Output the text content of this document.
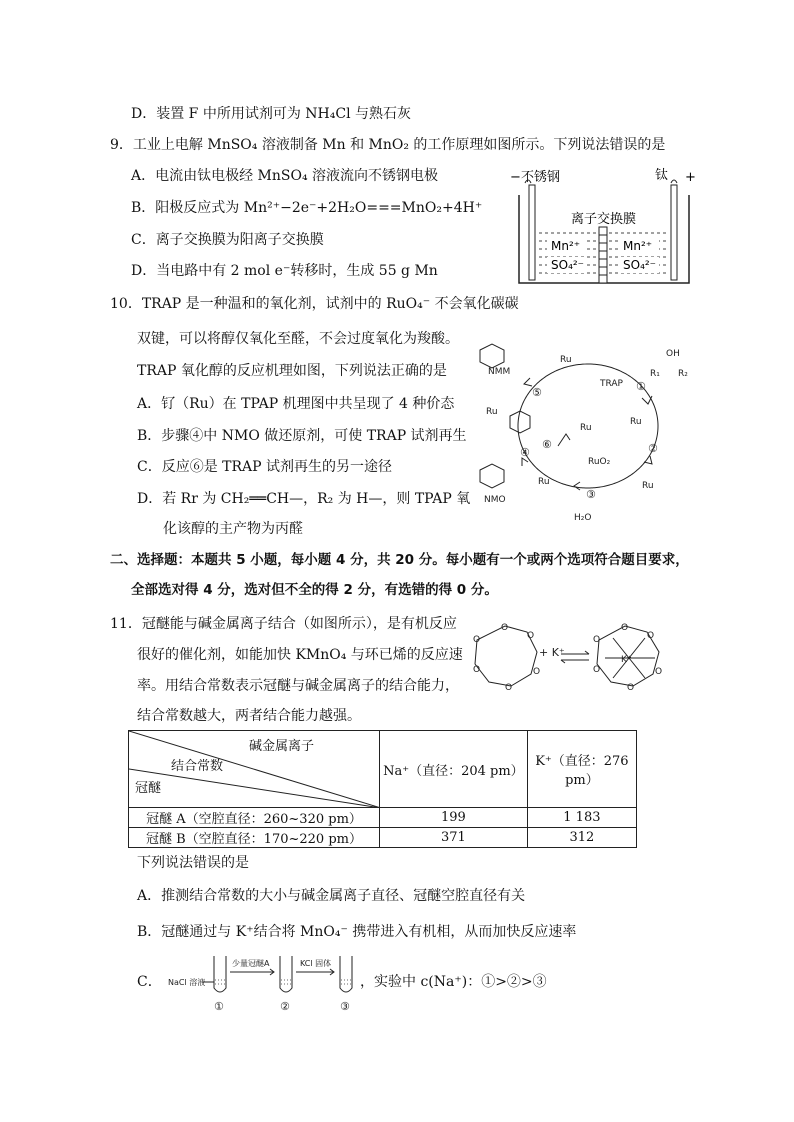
D．装置 F 中所用试剂可为 NH₄Cl 与熟石灰
9．工业上电解 MnSO₄ 溶液制备 Mn 和 MnO₂ 的工作原理如图所示。下列说法错误的是
A．电流由钛电极经 MnSO₄ 溶液流向不锈钢电极
B．阳极反应式为 Mn²⁺−2e⁻+2H₂O===MnO₂+4H⁺
C．离子交换膜为阳离子交换膜
D．当电路中有 2 mol e⁻转移时，生成 55 g Mn
− 不锈钢	钛 +
离子交换膜
Mn²⁺
SO₄²⁻
Mn²⁺
SO₄²⁻
10．TRAP 是一种温和的氧化剂，试剂中的 RuO₄⁻ 不会氧化碳碳
双键，可以将醇仅氧化至醛，不会过度氧化为羧酸。
TRAP 氧化醇的反应机理如图，下列说法正确的是
A．钌（Ru）在 TPAP 机理图中共呈现了 4 种价态
B．步骤④中 NMO 做还原剂，可使 TRAP 试剂再生
C．反应⑥是 TRAP 试剂再生的另一途径
D．若 Rr 为 CH₂══CH—，R₂ 为 H—，则 TPAP 氧
化该醇的主产物为丙醛
NMM
TRAP
NMO
RuO₂
H₂O
OH
R₁ R₂
Ru
Ru
Ru
Ru	Ru
Ru
⑤	①
②
③
④
⑥
二、选择题：本题共 5 小题，每小题 4 分，共 20 分。每小题有一个或两个选项符合题目要求，
全部选对得 4 分，选对但不全的得 2 分，有选错的得 0 分。
11．冠醚能与碱金属离子结合（如图所示），是有机反应
很好的催化剂，如能加快 KMnO₄ 与环已烯的反应速
率。用结合常数表示冠醚与碱金属离子的结合能力，
结合常数越大，两者结合能力越强。
O
O
O
O
O
O
O
O
O
O
O
O
K⁺
+ K⁺
碱金属离子
结合常数
冠醚	Na⁺（直径：204 pm）	K⁺（直径：276 pm）
冠醚 A（空腔直径：260~320 pm）	199	1 183
冠醚 B（空腔直径：170~220 pm）	371	312
下列说法错误的是
A．推测结合常数的大小与碱金属离子直径、冠醚空腔直径有关
B．冠醚通过与 K⁺结合将 MnO₄⁻ 携带进入有机相，从而加快反应速率
C．	，实验中 c(Na⁺)：①>②>③
少量冠醚A	KCl 固体
NaCl 溶液
①	②	③
